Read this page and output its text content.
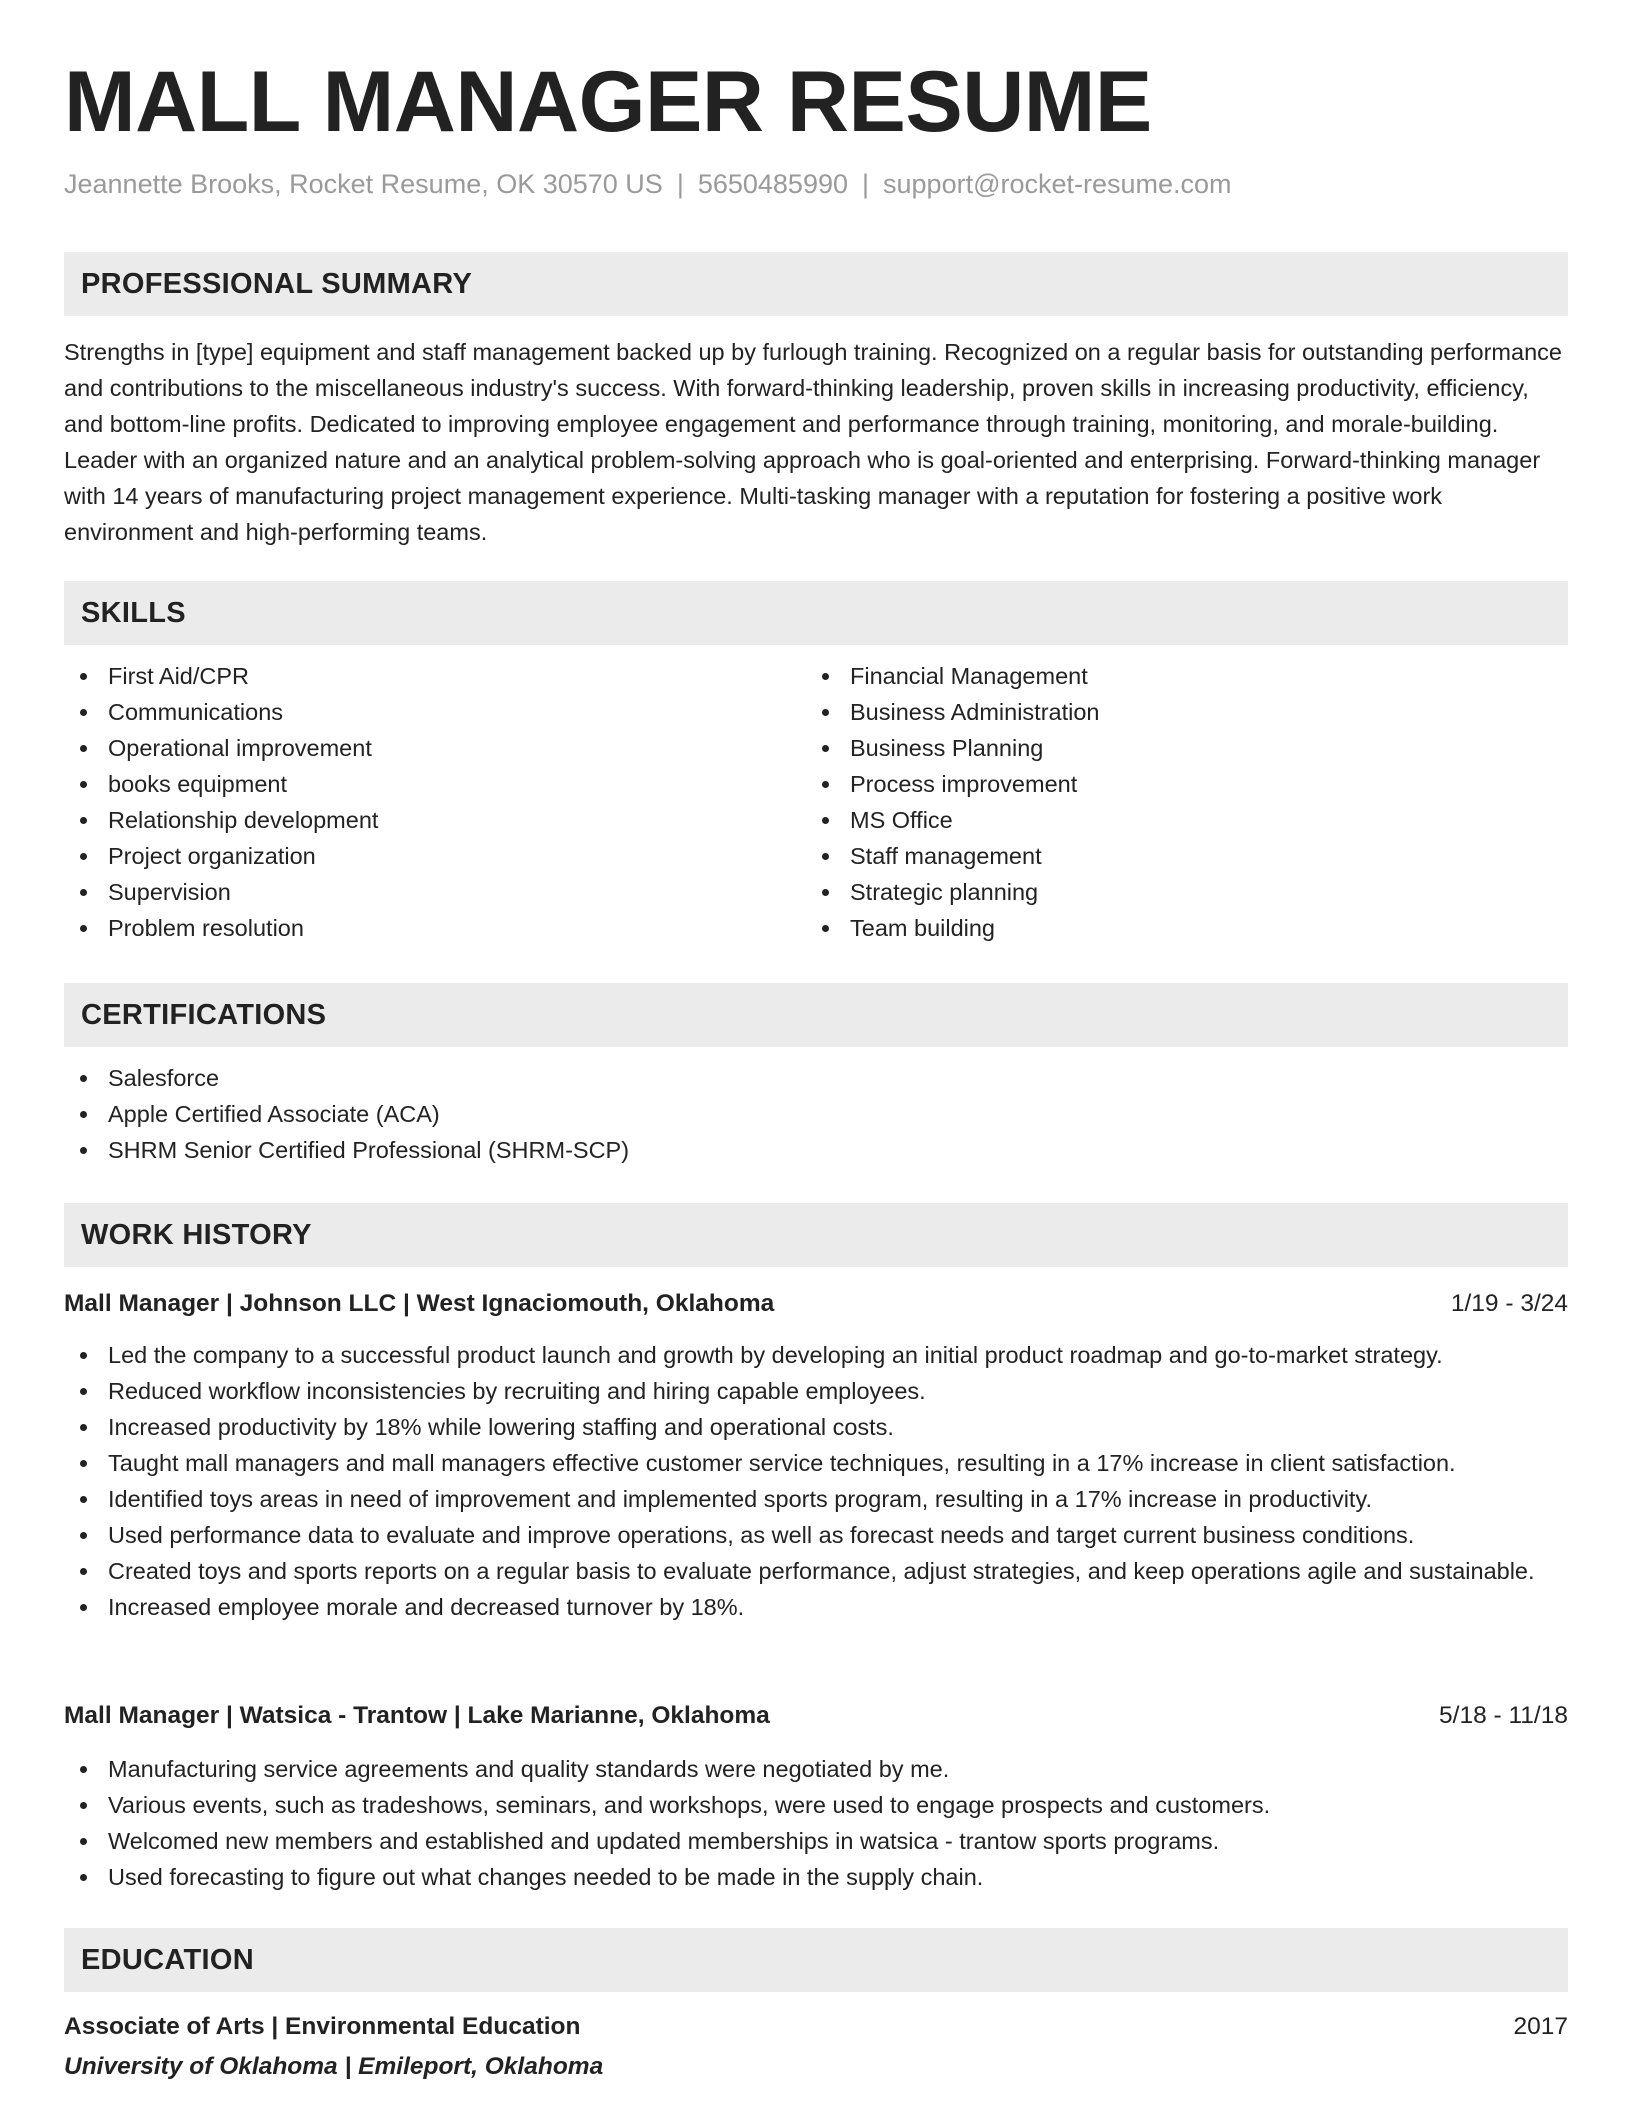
MALL MANAGER RESUME
Jeannette Brooks, Rocket Resume, OK 30570 US | 5650485990 | support@rocket-resume.com
PROFESSIONAL SUMMARY

Strengths in [type] equipment and staff management backed up by furlough training. Recognized on a regular basis for outstanding performance and contributions to the miscellaneous industry's success. With forward-thinking leadership, proven skills in increasing productivity, efficiency, and bottom-line profits. Dedicated to improving employee engagement and performance through training, monitoring, and morale-building. Leader with an organized nature and an analytical problem-solving approach who is goal-oriented and enterprising. Forward-thinking manager with 14 years of manufacturing project management experience. Multi-tasking manager with a reputation for fostering a positive work environment and high-performing teams.

SKILLS
First Aid/CPR
Communications
Operational improvement
books equipment
Relationship development
Project organization
Supervision
Problem resolution
Financial Management
Business Administration
Business Planning
Process improvement
MS Office
Staff management
Strategic planning
Team building
CERTIFICATIONS
Salesforce
Apple Certified Associate (ACA)
SHRM Senior Certified Professional (SHRM-SCP)
WORK HISTORY
Mall Manager | Johnson LLC | West Ignaciomouth, Oklahoma	1/19 - 3/24
Led the company to a successful product launch and growth by developing an initial product roadmap and go-to-market strategy.
Reduced workflow inconsistencies by recruiting and hiring capable employees.
Increased productivity by 18% while lowering staffing and operational costs.
Taught mall managers and mall managers effective customer service techniques, resulting in a 17% increase in client satisfaction.
Identified toys areas in need of improvement and implemented sports program, resulting in a 17% increase in productivity.
Used performance data to evaluate and improve operations, as well as forecast needs and target current business conditions.
Created toys and sports reports on a regular basis to evaluate performance, adjust strategies, and keep operations agile and sustainable.
Increased employee morale and decreased turnover by 18%.
Mall Manager | Watsica - Trantow | Lake Marianne, Oklahoma	5/18 - 11/18
Manufacturing service agreements and quality standards were negotiated by me.
Various events, such as tradeshows, seminars, and workshops, were used to engage prospects and customers.
Welcomed new members and established and updated memberships in watsica - trantow sports programs.
Used forecasting to figure out what changes needed to be made in the supply chain.
EDUCATION
Associate of Arts | Environmental Education	2017
University of Oklahoma | Emileport, Oklahoma
